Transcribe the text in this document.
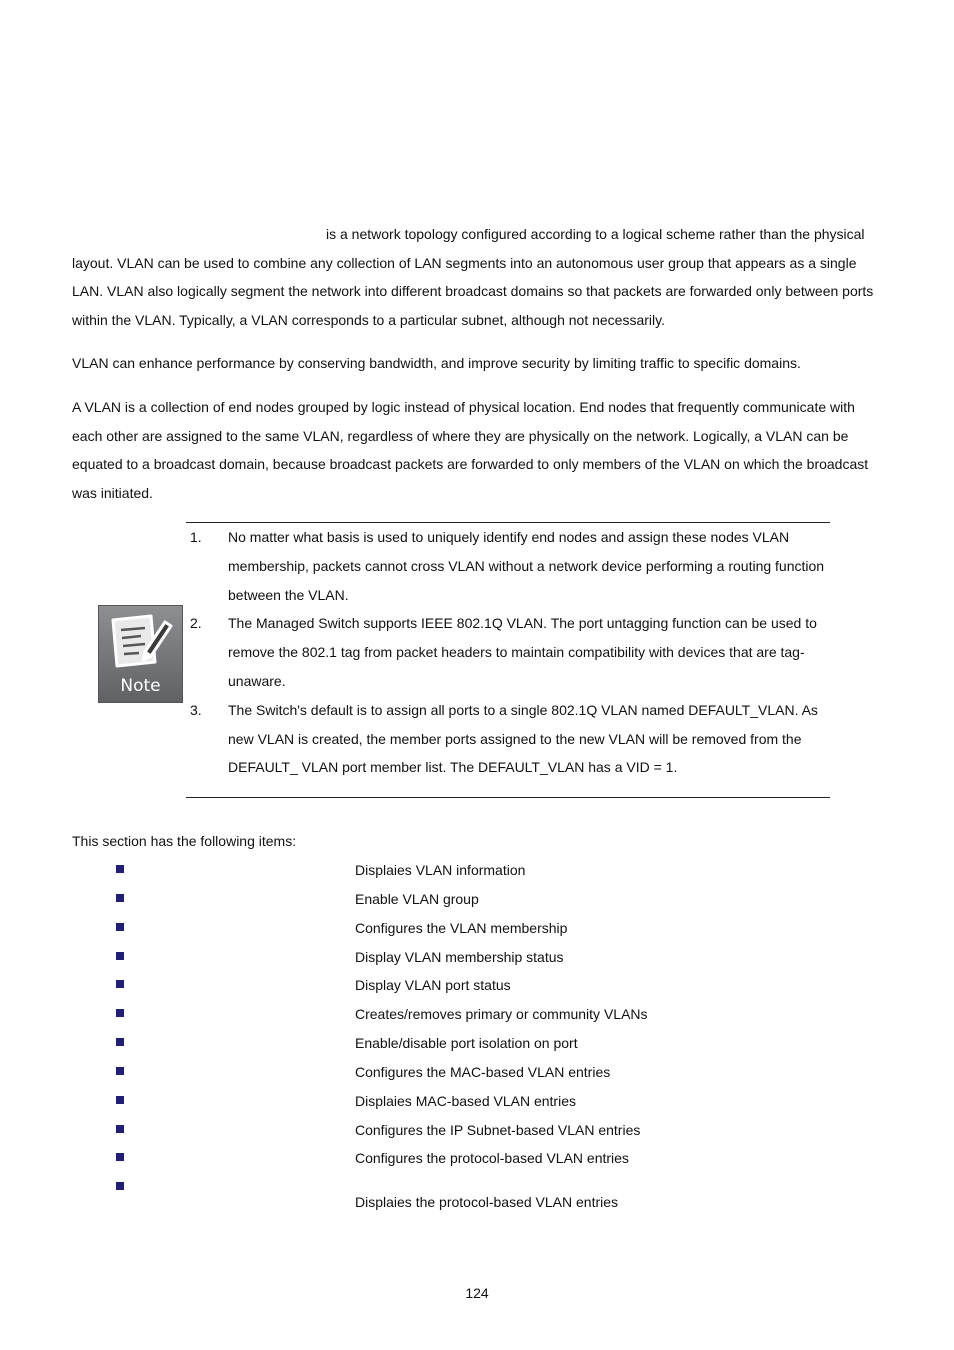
is a network topology configured according to a logical scheme rather than the physical
layout. VLAN can be used to combine any collection of LAN segments into an autonomous user group that appears as a single LAN. VLAN also logically segment the network into different broadcast domains so that packets are forwarded only between ports within the VLAN. Typically, a VLAN corresponds to a particular subnet, although not necessarily.

VLAN can enhance performance by conserving bandwidth, and improve security by limiting traffic to specific domains.

A VLAN is a collection of end nodes grouped by logic instead of physical location. End nodes that frequently communicate with each other are assigned to the same VLAN, regardless of where they are physically on the network. Logically, a VLAN can be equated to a broadcast domain, because broadcast packets are forwarded to only members of the VLAN on which the broadcast was initiated.

Note
1. No matter what basis is used to uniquely identify end nodes and assign these nodes VLAN membership, packets cannot cross VLAN without a network device performing a routing function between the VLAN.
2. The Managed Switch supports IEEE 802.1Q VLAN. The port untagging function can be used to remove the 802.1 tag from packet headers to maintain compatibility with devices that are tag-unaware.
3. The Switch's default is to assign all ports to a single 802.1Q VLAN named DEFAULT_VLAN. As new VLAN is created, the member ports assigned to the new VLAN will be removed from the DEFAULT_ VLAN port member list. The DEFAULT_VLAN has a VID = 1.

This section has the following items:

Displaies VLAN information
Enable VLAN group
Configures the VLAN membership
Display VLAN membership status
Display VLAN port status
Creates/removes primary or community VLANs
Enable/disable port isolation on port
Configures the MAC-based VLAN entries
Displaies MAC-based VLAN entries
Configures the IP Subnet-based VLAN entries
Configures the protocol-based VLAN entries
Displaies the protocol-based VLAN entries
124
